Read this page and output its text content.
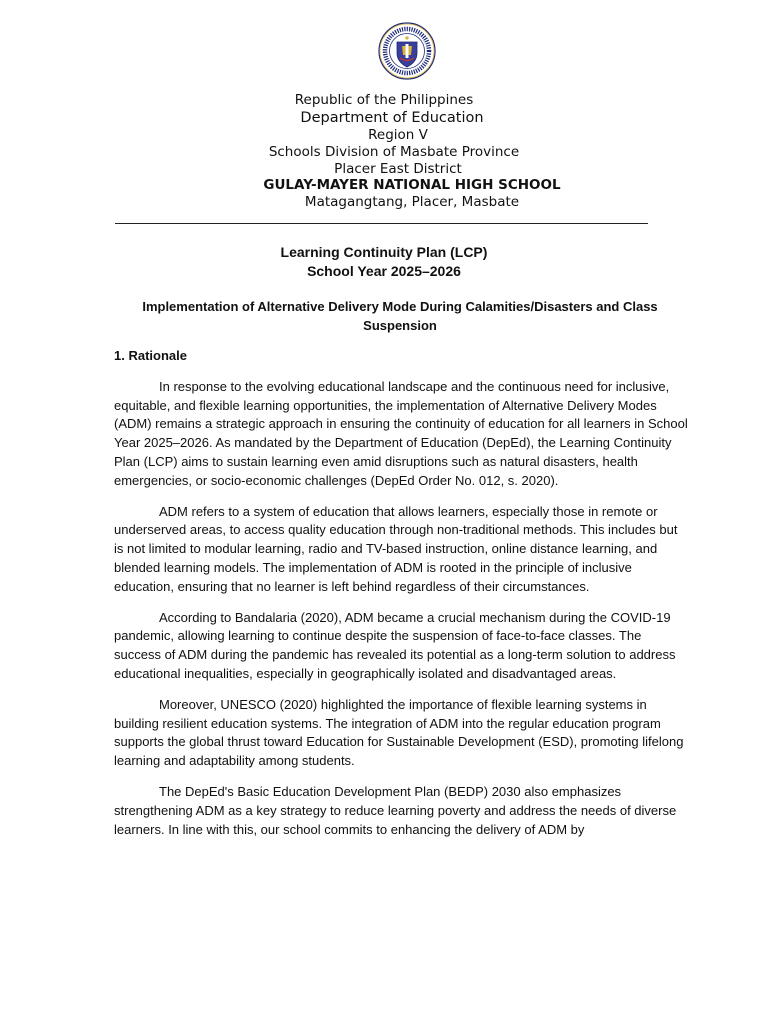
Republic of the Philippines
Department of Education
Region V
Schools Division of Masbate Province
Placer East District
GULAY-MAYER NATIONAL HIGH SCHOOL
Matagangtang, Placer, Masbate
Learning Continuity Plan (LCP)
School Year 2025–2026
Implementation of Alternative Delivery Mode During Calamities/Disasters and Class Suspension
1. Rationale

In response to the evolving educational landscape and the continuous need for inclusive, equitable, and flexible learning opportunities, the implementation of Alternative Delivery Modes (ADM) remains a strategic approach in ensuring the continuity of education for all learners in School Year 2025–2026. As mandated by the Department of Education (DepEd), the Learning Continuity Plan (LCP) aims to sustain learning even amid disruptions such as natural disasters, health emergencies, or socio-economic challenges (DepEd Order No. 012, s. 2020).

ADM refers to a system of education that allows learners, especially those in remote or underserved areas, to access quality education through non-traditional methods. This includes but is not limited to modular learning, radio and TV-based instruction, online distance learning, and blended learning models. The implementation of ADM is rooted in the principle of inclusive education, ensuring that no learner is left behind regardless of their circumstances.

According to Bandalaria (2020), ADM became a crucial mechanism during the COVID-19 pandemic, allowing learning to continue despite the suspension of face-to-face classes. The success of ADM during the pandemic has revealed its potential as a long-term solution to address educational inequalities, especially in geographically isolated and disadvantaged areas.

Moreover, UNESCO (2020) highlighted the importance of flexible learning systems in building resilient education systems. The integration of ADM into the regular education program supports the global thrust toward Education for Sustainable Development (ESD), promoting lifelong learning and adaptability among students.

The DepEd's Basic Education Development Plan (BEDP) 2030 also emphasizes strengthening ADM as a key strategy to reduce learning poverty and address the needs of diverse learners. In line with this, our school commits to enhancing the delivery of ADM by
